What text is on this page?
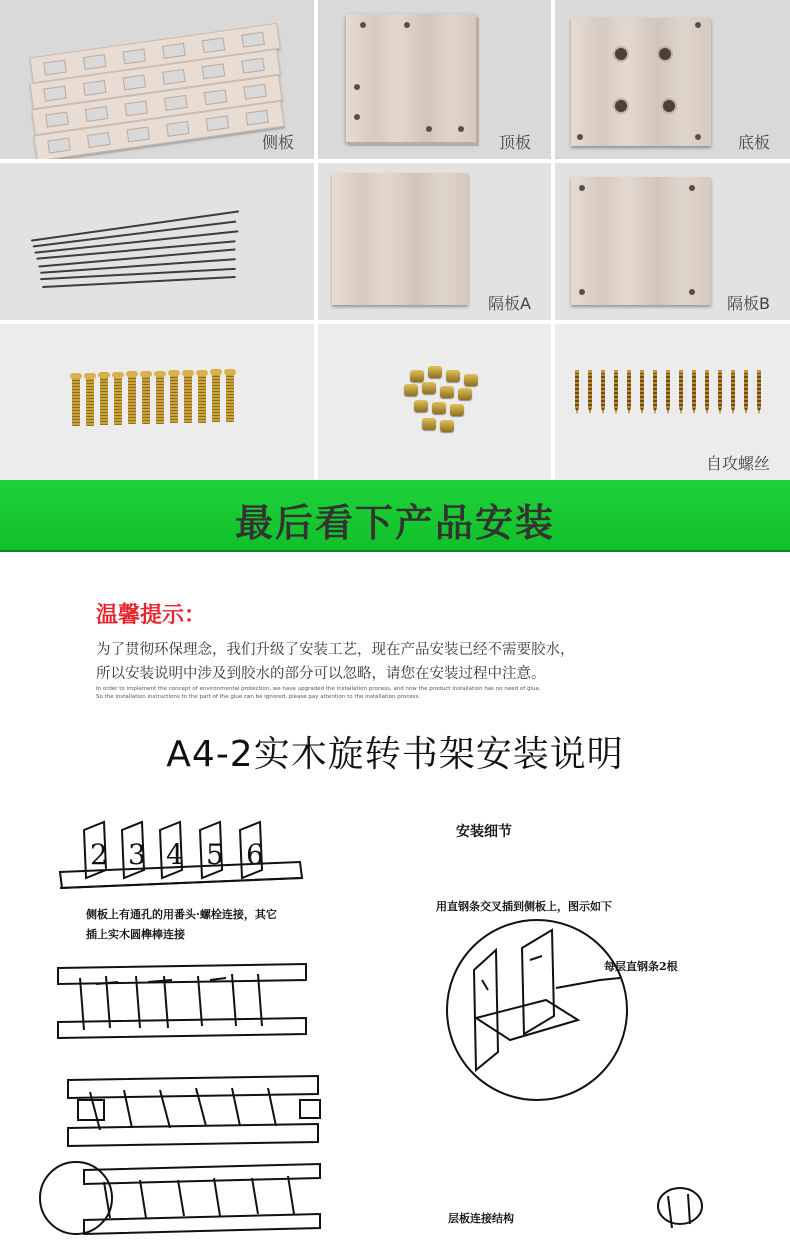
侧板	顶板	底板
隔板A	隔板B
自攻螺丝
最后看下产品安装
温馨提示：
为了贯彻环保理念，我们升级了安装工艺，现在产品安装已经不需要胶水，
所以安装说明中涉及到胶水的部分可以忽略，请您在安装过程中注意。
In order to implement the concept of environmental protection, we have upgraded the installation process, and now the product installation has no need of glue,
So the installation instructions to the part of the glue can be ignored, please pay attention to the installation process.
A4-2实木旋转书架安装说明
2 3 4 5 6
侧板上有通孔的用番头·螺栓连接，其它
插上实木圆榫棒连接
安装细节
用直钢条交叉插到侧板上，图示如下
每层直钢条2根
层板连接结构
